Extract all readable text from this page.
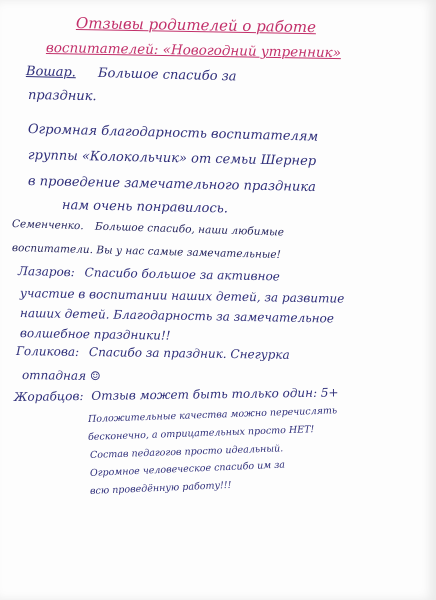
Отзывы родителей о работе
воспитателей: «Новогодний утренник»
Вошар. Большое спасибо за
праздник.
Огромная благодарность воспитателям
группы «Колокольчик» от семьи Шернер
в проведение замечательного праздника
нам очень понравилось.
Семенченко. Большое спасибо, наши любимые
воспитатели. Вы у нас самые замечательные!
Лазаров: Спасибо большое за активное
участие в воспитании наших детей, за развитие
наших детей. Благодарность за замечательное
волшебное праздники!!
Голикова: Спасибо за праздник. Снегурка
отпадная ☺
Жорабцов: Отзыв может быть только один: 5+
Положительные качества можно перечислять
бесконечно, а отрицательных просто НЕТ!
Состав педагогов просто идеальный.
Огромное человеческое спасибо им за
всю проведённую работу!!!
